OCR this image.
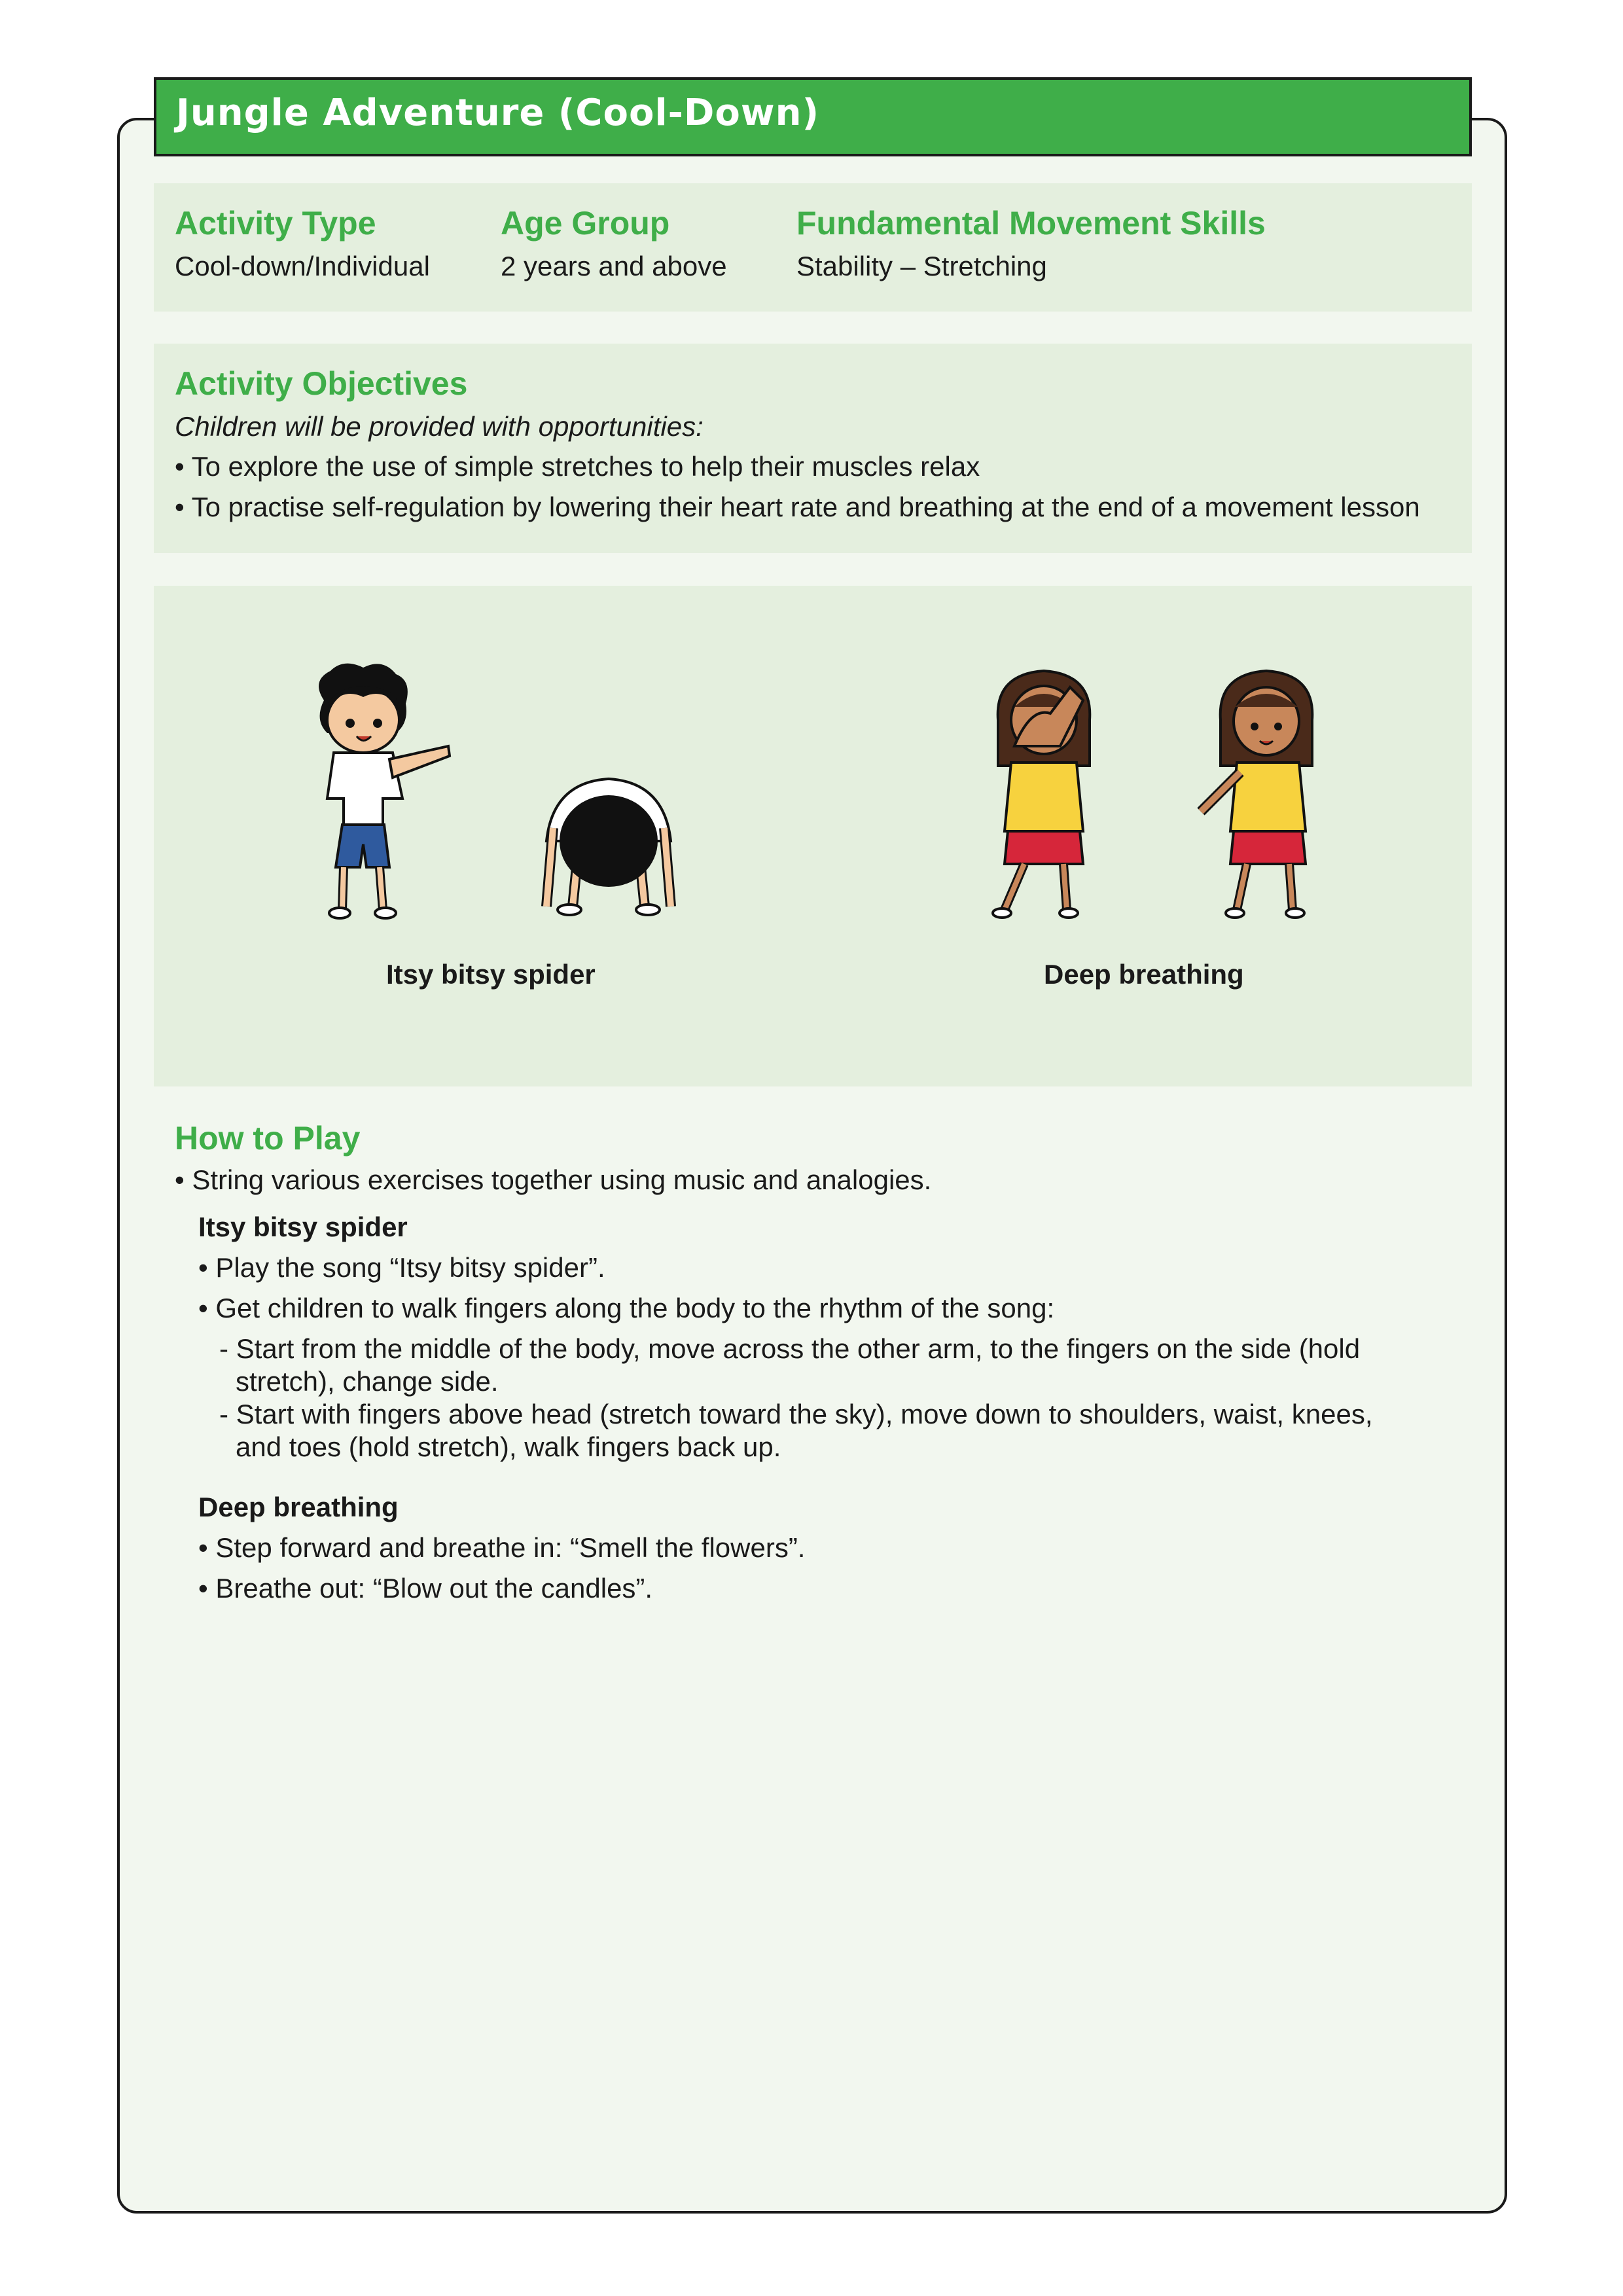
Jungle Adventure (Cool-Down)
Activity Type
Cool-down/Individual
Age Group
2 years and above
Fundamental Movement Skills
Stability – Stretching
Activity Objectives
Children will be provided with opportunities:
• To explore the use of simple stretches to help their muscles relax
• To practise self-regulation by lowering their heart rate and breathing at the end of a movement lesson
Itsy bitsy spider	Deep breathing
How to Play
• String various exercises together using music and analogies.
Itsy bitsy spider
• Play the song “Itsy bitsy spider”.
• Get children to walk fingers along the body to the rhythm of the song:
- Start from the middle of the body, move across the other arm, to the fingers on the side (hold
stretch), change side.
- Start with fingers above head (stretch toward the sky), move down to shoulders, waist, knees,
and toes (hold stretch), walk fingers back up.
Deep breathing
• Step forward and breathe in: “Smell the flowers”.
• Breathe out: “Blow out the candles”.
